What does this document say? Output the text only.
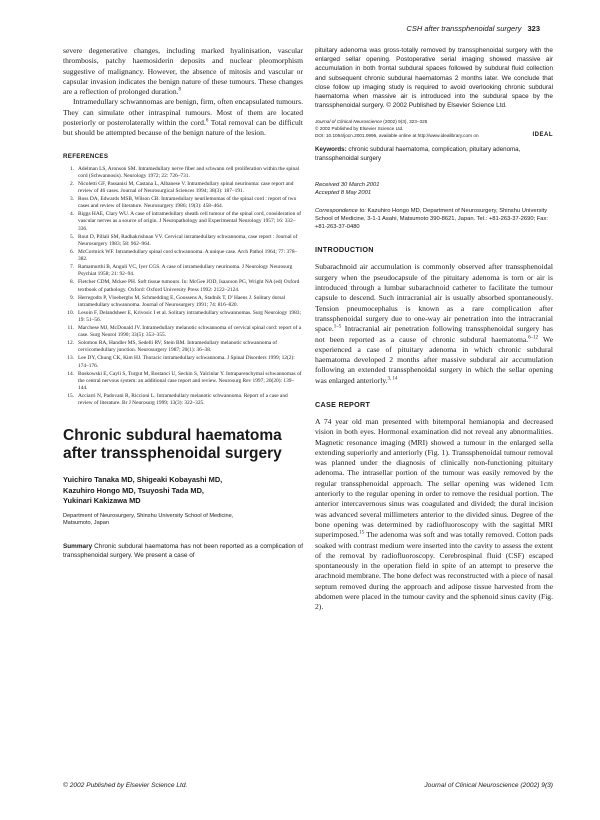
CSH after transsphenoidal surgery 323

severe degenerative changes, including marked hyalinisation, vascular thrombosis, patchy haemosiderin deposits and nuclear pleomorphism suggestive of malignancy. However, the absence of mitosis and vascular or capsular invasion indicates the benign nature of these tumours. These changes are a reflection of prolonged duration.$^8$

Intramedullary schwannomas are benign, firm, often encapsulated tumours. They can simulate other intraspinal tumours. Most of them are located posteriorly or posterolaterally within the cord.$^6$ Total removal can be difficult but should be attempted because of the benign nature of the lesion.

REFERENCES
1. Adelman LS, Aronson SM. Intramedullary nerve fiber and schwann cell proliferation within the spinal cord (Schwannosis). Neurology 1972; 22: 726–731.
2. Nicoletti GF, Passanisi M, Castana L, Albanese V. Intramedullary spinal neurinoma: case report and review of 46 cases. Journal of Neurosurgical Sciences 1994; 38(3): 187–191.
3. Ross DA, Edwards MSB, Wilson CB. Intramedullary neurilemomas of the spinal cord : report of two cases and review of literature. Neurosurgery 1986; 19(3): 458–464.
4. Riggs HAE, Clary WU. A case of intramedullary sheath cell tumour of the spinal cord, consideration of vascular nerves as a source of origin. J Neuropathology and Experimental Neurology 1957; 16: 332–336.
5. Rout D, Pillali SM, Radhakrishnan VV. Cervical intramedullary schwannoma, case report : Journal of Neurosurgery 1983; 58: 962–964.
6. McCormick WF. Intramedullary spinal cord schwannoma. A unique case. Arch Pathol 1964; 77: 378–382.
7. Ramamurthi B, Anguli VC, Iyer CGS. A case of intramedullary neurinoma. J Neurology Neurosurg Psychiat 1958; 21: 92–94.
8. Fletcher CDM, Mckee PH. Soft tissue tumours. In: McGee JOD, Isaacson PG, Wright NA (ed) Oxford textbook of pathology. Oxford: Oxford University Press 1992: 2122–2124.
9. Herregodts P, Vloeberghs M, Schmedding E, Goossens A, Stadnik T, D' Haens J. Solitary dorsal intramedullary schwannoma. Journal of Neurosurgery 1991; 74: 816–820.
10. Lesoin F, Delandsheer E, Krivosic I et al. Solitary intramedullary schwannomas. Surg Neurology 1983; 19: 51–56.
11. Marchese MJ, McDonald JV. Intramedullary melanotic schwannoma of cervical spinal cord: report of a case. Surg Neurol 1990; 33(5): 353–355.
12. Solomon RA, Handler MS, Sedelli RV, Stein BM. Intramedullary melanotic schwannoma of cervicomedullary junction. Neurosurgery 1987; 20(1): 36–38.
13. Lee DY, Chung CK, Kim HJ. Thoracic intramedullary schwannoma. J Spinal Disorders 1999; 12(2): 174–176.
14. Boskowski E, Cayli S, Turgut M, Bostanci U, Seckin S, Yalcinlar Y. Intraparenchymal schwannomas of the central nervous system: an additional case report and review. Neurosurg Rev 1997; 20(20): 139–144.
15. Acciarri N, Padovani R, Riccioni L. Intramedullary melanotic schwannoma. Report of a case and review of literature. Br J Neurosurg 1999; 13(3): 322–325.
Chronic subdural haematoma after transsphenoidal surgery
Yuichiro Tanaka MD, Shigeaki Kobayashi MD,
Kazuhiro Hongo MD, Tsuyoshi Tada MD,
Yukinari Kakizawa MD
Department of Neurosurgery, Shinshu University School of Medicine,
Matsumoto, Japan

Summary Chronic subdural haematoma has not been reported as a complication of transsphenoidal surgery. We present a case of

pituitary adenoma was gross-totally removed by transsphenoidal surgery with the enlarged sellar opening. Postoperative serial imaging showed massive air accumulation in both frontal subdural spaces followed by subdural fluid collection and subsequent chronic subdural haematomas 2 months later. We conclude that close follow up imaging study is required to avoid overlooking chronic subdural haematoma when massive air is introduced into the subdural space by the transsphenoidal surgery. © 2002 Published by Elsevier Science Ltd.

Journal of Clinical Neuroscience (2002) 9(3), 323–325
© 2002 Published by Elsevier Science Ltd.
DOI: 10.1054/jocn.2001.0996, available online at http://www.idealibrary.com on	IDEAL

Keywords: chronic subdural haematoma, complication, pituitary adenoma, transsphenoidal surgery

Received 30 March 2001
Accepted 8 May 2001

Correspondence to: Kazuhiro Hongo MD, Department of Neurosurgery, Shinshu University School of Medicine, 3-1-1 Asahi, Matsumoto 390-8621, Japan. Tel.: +81-263-37-2690; Fax: +81-263-37-0480

INTRODUCTION

Subarachnoid air accumulation is commonly observed after transsphenoidal surgery when the pseudocapsule of the pituitary adenoma is torn or air is introduced through a lumbar subarachnoid catheter to facilitate the tumour capsule to descend. Such intracranial air is usually absorbed spontaneously. Tension pneumocephalus is known as a rare complication after transsphenoidal surgery due to one-way air penetration into the intracranial space.$^{1-5}$ Intracranial air penetration following transsphenoidal surgery has not been reported as a cause of chronic subdural haematoma.$^{6-12}$ We experienced a case of pituitary adenoma in which chronic subdural haematoma developed 2 months after massive subdural air accumulation following an extended transsphenoidal surgery in which the sellar opening was enlarged anteriorly.$^{3, 14}$

CASE REPORT

A 74 year old man presented with bitemporal hemianopia and decreased vision in both eyes. Hormonal examination did not reveal any abnormalities. Magnetic resonance imaging (MRI) showed a tumour in the enlarged sella extending superiorly and anteriorly (Fig. 1). Transsphenoidal tumour removal was planned under the diagnosis of clinically non-functioning pituitary adenoma. The intrasellar portion of the tumour was easily removed by the regular transsphenoidal approach. The sellar opening was widened 1cm anteriorly to the regular opening in order to remove the residual portion. The anterior intercavernous sinus was coagulated and divided; the dural incision was advanced several millimeters anterior to the divided sinus. Degree of the bone opening was determined by radiofluoroscopy with the sagittal MRI superimposed.$^{15}$ The adenoma was soft and was totally removed. Cotton pads soaked with contrast medium were inserted into the cavity to assess the extent of the removal by radiofluoroscopy. Cerebrospinal fluid (CSF) escaped spontaneously in the operation field in spite of an attempt to preserve the arachnoid membrane. The bone defect was reconstructed with a piece of nasal septum removed during the approach and adipose tissue harvested from the abdomen were placed in the tumour cavity and the sphenoid sinus cavity (Fig. 2).

© 2002 Published by Elsevier Science Ltd.	Journal of Clinical Neuroscience (2002) 9(3)
